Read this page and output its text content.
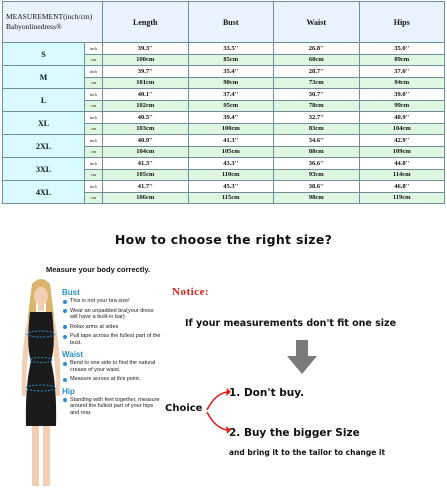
MEASUREMENT(inch/cm)
Babyonlinedress®		Length	Bust	Waist	Hips
S	inch	39.3''	33.5''	26.8''	35.0''
	cm	100cm	85cm	68cm	89cm
M	inch	39.7''	35.4''	28.7''	37.0''
	cm	101cm	90cm	73cm	94cm
L	inch	40.1''	37.4''	30.7''	39.0''
	cm	102cm	95cm	78cm	99cm
XL	inch	40.5''	39.4''	32.7''	40.9''
	cm	103cm	100cm	83cm	104cm
2XL	inch	40.9''	41.3''	34.6''	42.9''
	cm	104cm	105cm	88cm	109cm
3XL	inch	41.3''	43.3''	36.6''	44.8''
	cm	105cm	110cm	93cm	114cm
4XL	inch	41.7''	45.3''	38.6''	46.8''
	cm	106cm	115cm	98cm	119cm
How to choose the right size?
Measure your body correctly.

Bust

This is not your bra size!
Wear an unpadded bra(your dress will have a built-in bar)
Relax arms at sides
Pull tape across the fullest part of the bust.

Waist

Bend to one side to find the natural crease of your waist.
Measure across at this point.

Hip

Standing with feet together, measure around the fullest part of your hips and rear.
Notice:
If your measurements don't fit one size
Choice
1. Don't buy.
2. Buy the bigger Size
and bring it to the tailor to change it
